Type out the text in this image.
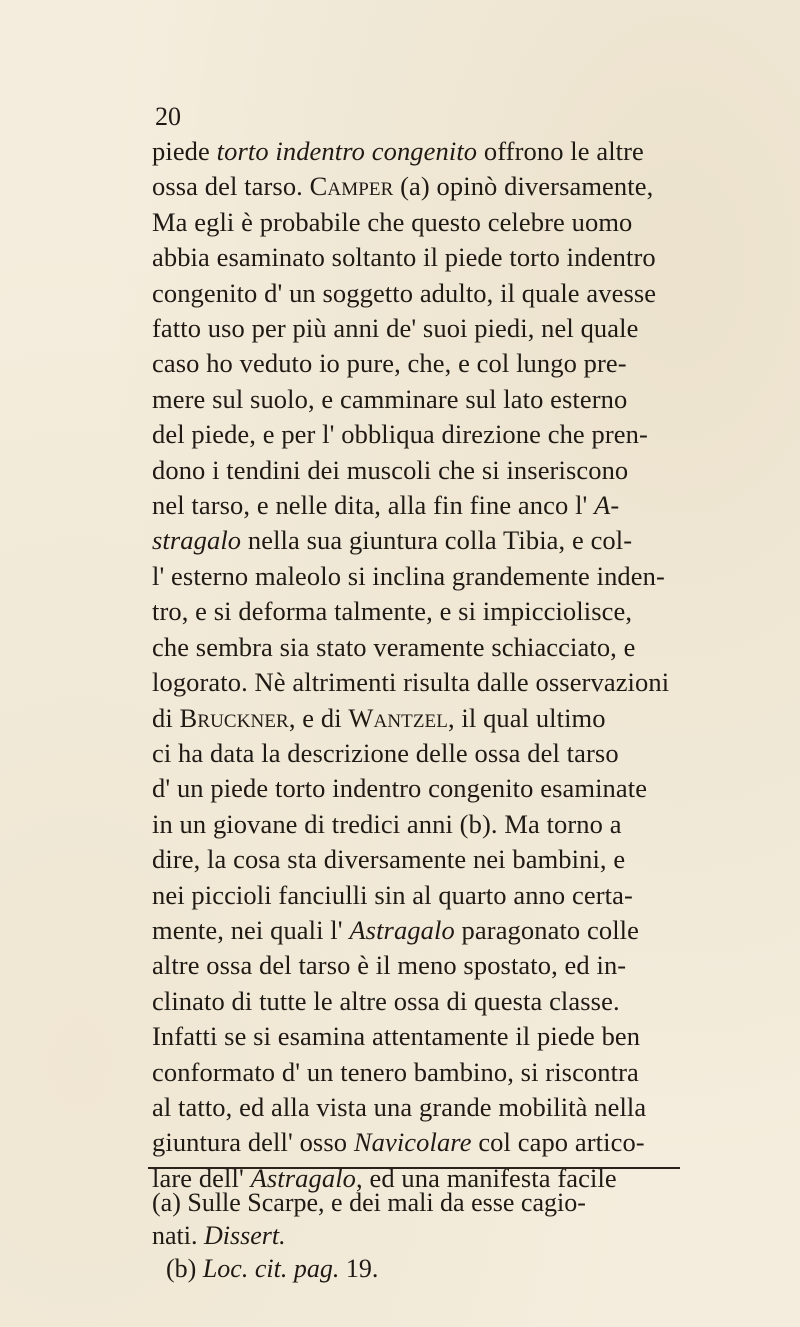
20
piede torto indentro congenito offrono le altre
ossa del tarso. Camper (a) opinò diversamente,
Ma egli è probabile che questo celebre uomo
abbia esaminato soltanto il piede torto indentro
congenito d' un soggetto adulto, il quale avesse
fatto uso per più anni de' suoi piedi, nel quale
caso ho veduto io pure, che, e col lungo pre-
mere sul suolo, e camminare sul lato esterno
del piede, e per l' obbliqua direzione che pren-
dono i tendini dei muscoli che si inseriscono
nel tarso, e nelle dita, alla fin fine anco l' A-
stragalo nella sua giuntura colla Tibia, e col-
l' esterno maleolo si inclina grandemente inden-
tro, e si deforma talmente, e si impicciolisce,
che sembra sia stato veramente schiacciato, e
logorato. Nè altrimenti risulta dalle osservazioni
di Bruckner, e di Wantzel, il qual ultimo
ci ha data la descrizione delle ossa del tarso
d' un piede torto indentro congenito esaminate
in un giovane di tredici anni (b). Ma torno a
dire, la cosa sta diversamente nei bambini, e
nei piccioli fanciulli sin al quarto anno certa-
mente, nei quali l' Astragalo paragonato colle
altre ossa del tarso è il meno spostato, ed in-
clinato di tutte le altre ossa di questa classe.
Infatti se si esamina attentamente il piede ben
conformato d' un tenero bambino, si riscontra
al tatto, ed alla vista una grande mobilità nella
giuntura dell' osso Navicolare col capo artico-
lare dell' Astragalo, ed una manifesta facile
(a) Sulle Scarpe, e dei mali da esse cagio-
nati. Dissert.
(b) Loc. cit. pag. 19.
